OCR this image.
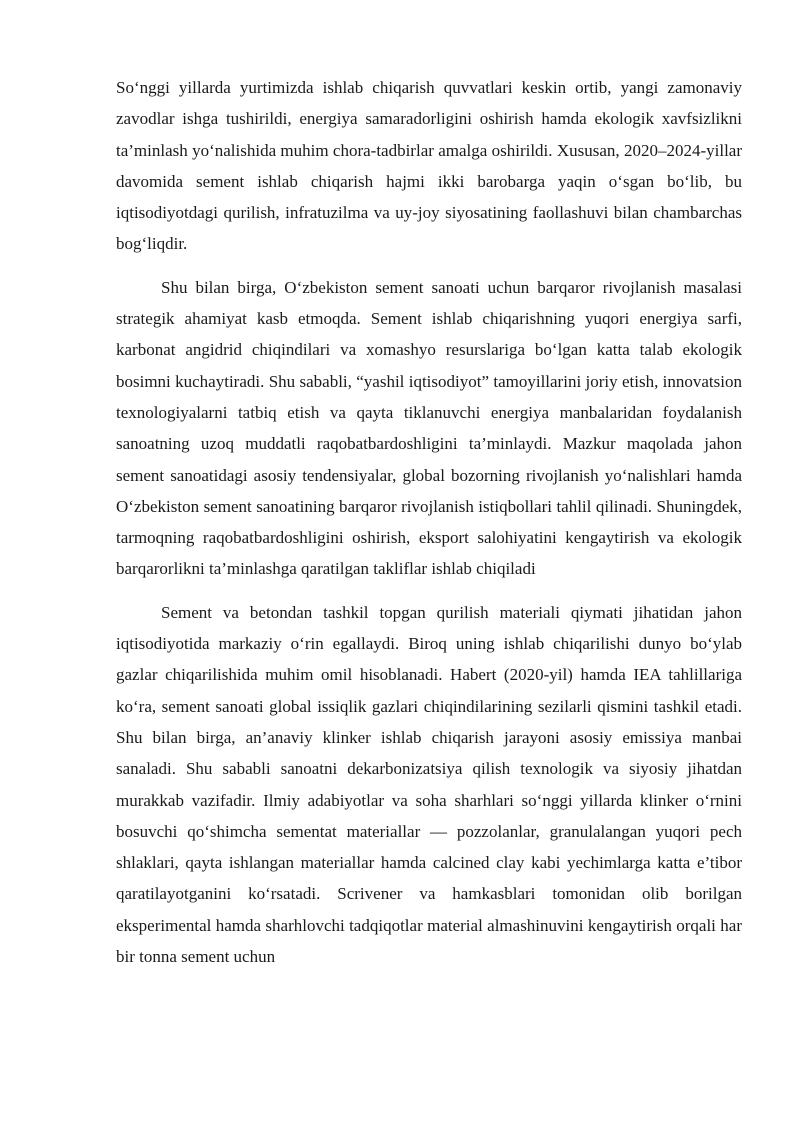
So‘nggi yillarda yurtimizda ishlab chiqarish quvvatlari keskin ortib, yangi zamonaviy zavodlar ishga tushirildi, energiya samaradorligini oshirish hamda ekologik xavfsizlikni ta’minlash yo‘nalishida muhim chora-tadbirlar amalga oshirildi. Xususan, 2020–2024-yillar davomida sement ishlab chiqarish hajmi ikki barobarga yaqin o‘sgan bo‘lib, bu iqtisodiyotdagi qurilish, infratuzilma va uy-joy siyosatining faollashuvi bilan chambarchas bog‘liqdir.

Shu bilan birga, O‘zbekiston sement sanoati uchun barqaror rivojlanish masalasi strategik ahamiyat kasb etmoqda. Sement ishlab chiqarishning yuqori energiya sarfi, karbonat angidrid chiqindilari va xomashyo resurslariga bo‘lgan katta talab ekologik bosimni kuchaytiradi. Shu sababli, “yashil iqtisodiyot” tamoyillarini joriy etish, innovatsion texnologiyalarni tatbiq etish va qayta tiklanuvchi energiya manbalaridan foydalanish sanoatning uzoq muddatli raqobatbardoshligini ta’minlaydi. Mazkur maqolada jahon sement sanoatidagi asosiy tendensiyalar, global bozorning rivojlanish yo‘nalishlari hamda O‘zbekiston sement sanoatining barqaror rivojlanish istiqbollari tahlil qilinadi. Shuningdek, tarmoqning raqobatbardoshligini oshirish, eksport salohiyatini kengaytirish va ekologik barqarorlikni ta’minlashga qaratilgan takliflar ishlab chiqiladi

Sement va betondan tashkil topgan qurilish materiali qiymati jihatidan jahon iqtisodiyotida markaziy o‘rin egallaydi. Biroq uning ishlab chiqarilishi dunyo bo‘ylab gazlar chiqarilishida muhim omil hisoblanadi. Habert (2020-yil) hamda IEA tahlillariga ko‘ra, sement sanoati global issiqlik gazlari chiqindilarining sezilarli qismini tashkil etadi. Shu bilan birga, an’anaviy klinker ishlab chiqarish jarayoni asosiy emissiya manbai sanaladi. Shu sababli sanoatni dekarbonizatsiya qilish texnologik va siyosiy jihatdan murakkab vazifadir. Ilmiy adabiyotlar va soha sharhlari so‘nggi yillarda klinker o‘rnini bosuvchi qo‘shimcha sementat materiallar — pozzolanlar, granulalangan yuqori pech shlaklari, qayta ishlangan materiallar hamda calcined clay kabi yechimlarga katta e’tibor qaratilayotganini ko‘rsatadi. Scrivener va hamkasblari tomonidan olib borilgan eksperimental hamda sharhlovchi tadqiqotlar material almashinuvini kengaytirish orqali har bir tonna sement uchun
